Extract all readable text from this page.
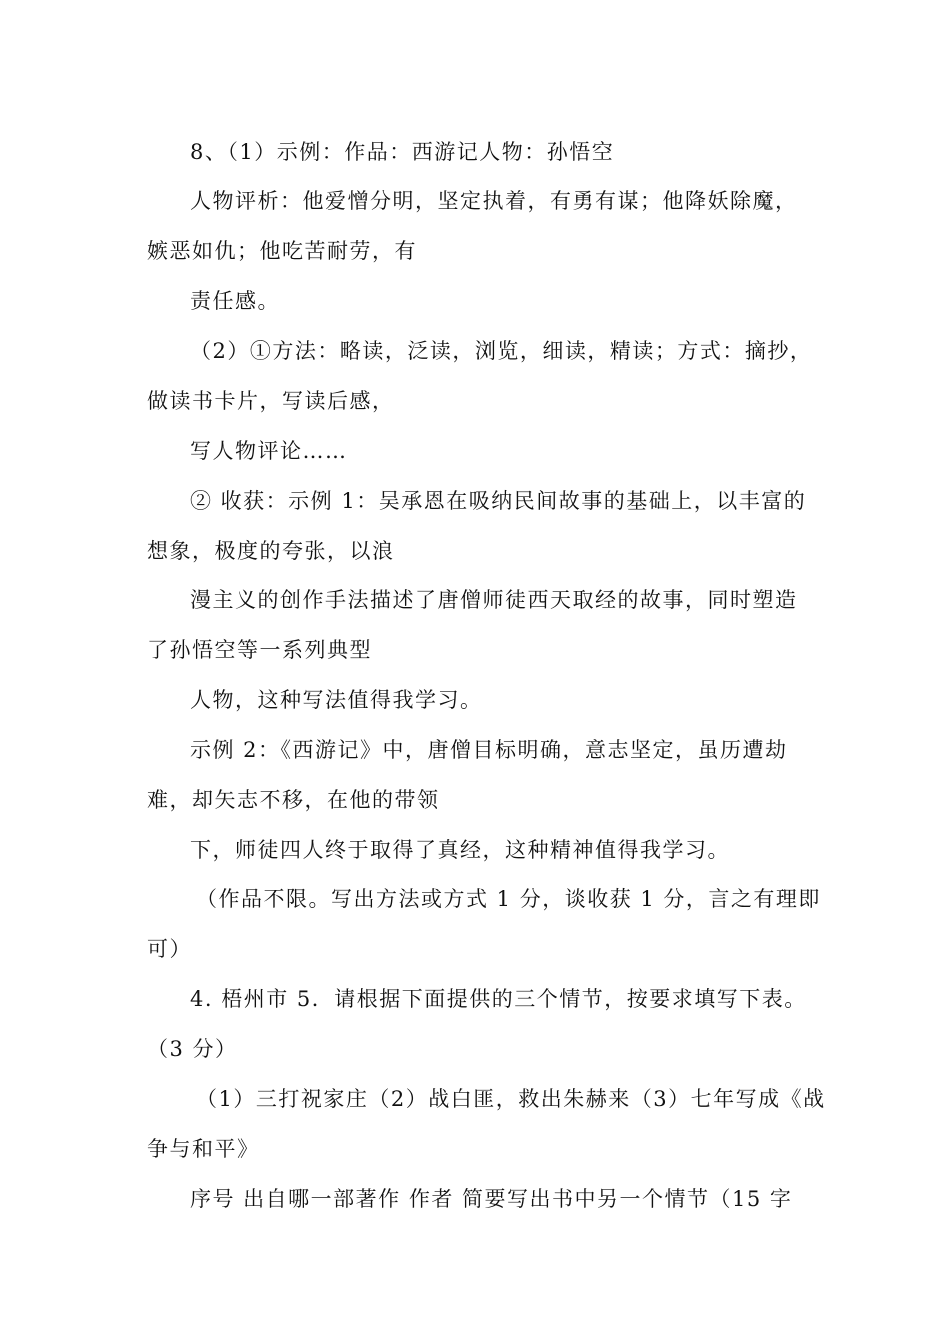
8、（1）示例：作品：西游记人物：孙悟空
人物评析：他爱憎分明，坚定执着，有勇有谋；他降妖除魔，
嫉恶如仇；他吃苦耐劳，有
责任感。
（2）①方法：略读，泛读，浏览，细读，精读；方式：摘抄，
做读书卡片，写读后感，
写人物评论……
② 收获：示例 1：吴承恩在吸纳民间故事的基础上，以丰富的
想象，极度的夸张，以浪
漫主义的创作手法描述了唐僧师徒西天取经的故事，同时塑造
了孙悟空等一系列典型
人物，这种写法值得我学习。
示例 2：《西游记》中，唐僧目标明确，意志坚定，虽历遭劫
难，却矢志不移，在他的带领
下，师徒四人终于取得了真经，这种精神值得我学习。
（作品不限。写出方法或方式 1 分，谈收获 1 分，言之有理即
可）
4. 梧州市 5．请根据下面提供的三个情节，按要求填写下表。
（3 分）
（1）三打祝家庄（2）战白匪，救出朱赫来（3）七年写成《战
争与和平》
序号 出自哪一部著作 作者 简要写出书中另一个情节（15 字
